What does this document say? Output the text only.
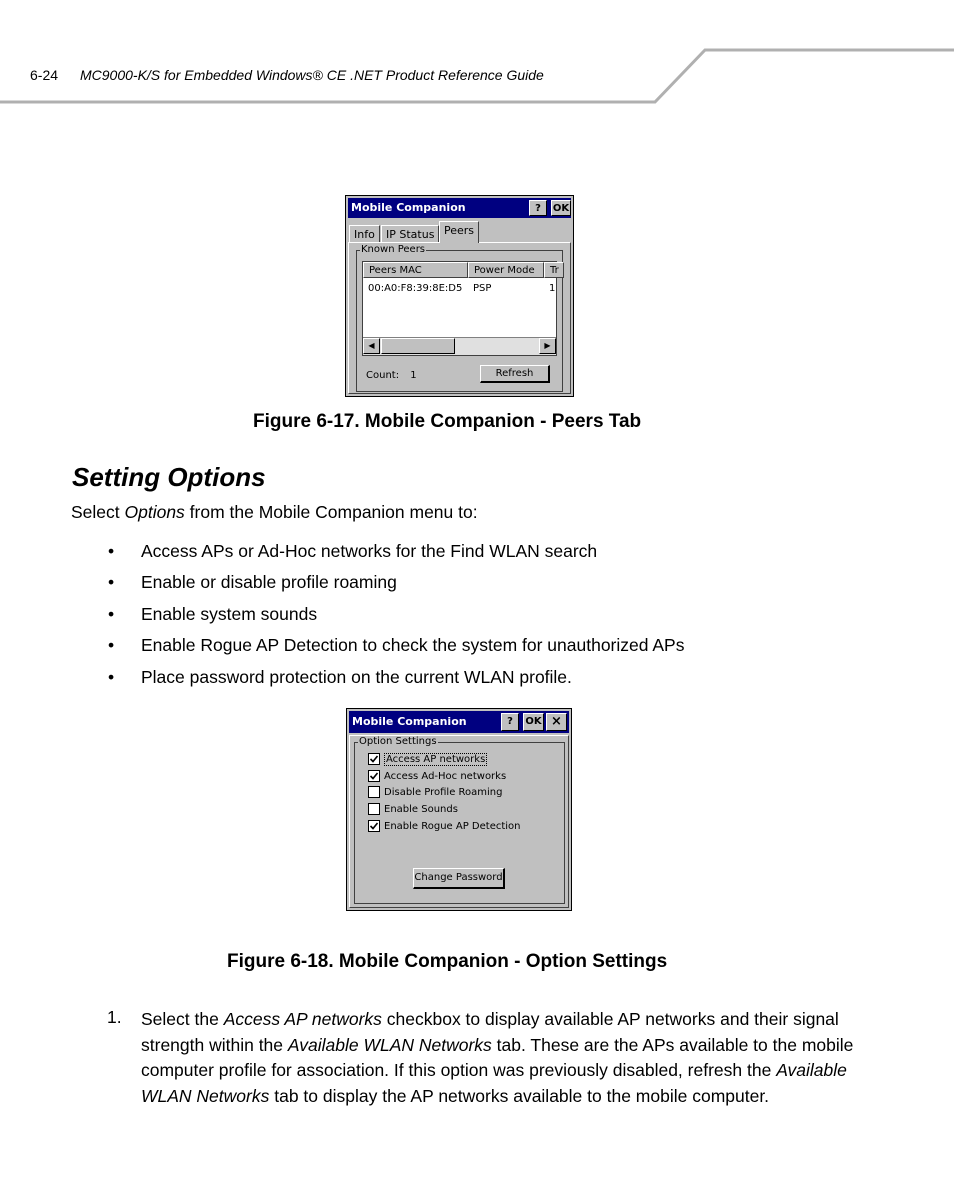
6-24 MC9000-K/S for Embedded Windows® CE .NET Product Reference Guide
Mobile Companion	?	OK
Info	IP Status Peers
Known Peers
Peers MAC	Power Mode	Tr
00:A0:F8:39:8E:D5 PSP	1
◀	▶
Count: 1	Refresh
Figure 6-17. Mobile Companion - Peers Tab
Setting Options
Select Options from the Mobile Companion menu to:
• Access APs or Ad-Hoc networks for the Find WLAN search
• Enable or disable profile roaming
• Enable system sounds
• Enable Rogue AP Detection to check the system for unauthorized APs
• Place password protection on the current WLAN profile.
Mobile Companion	?	OK ×
Option Settings
Access AP networks
Access Ad-Hoc networks
Disable Profile Roaming
Enable Sounds
Enable Rogue AP Detection
Change Password
Figure 6-18. Mobile Companion - Option Settings
1. Select the Access AP networks checkbox to display available AP networks and their signal strength within the Available WLAN Networks tab. These are the APs available to the mobile computer profile for association. If this option was previously disabled, refresh the Available WLAN Networks tab to display the AP networks available to the mobile computer.
